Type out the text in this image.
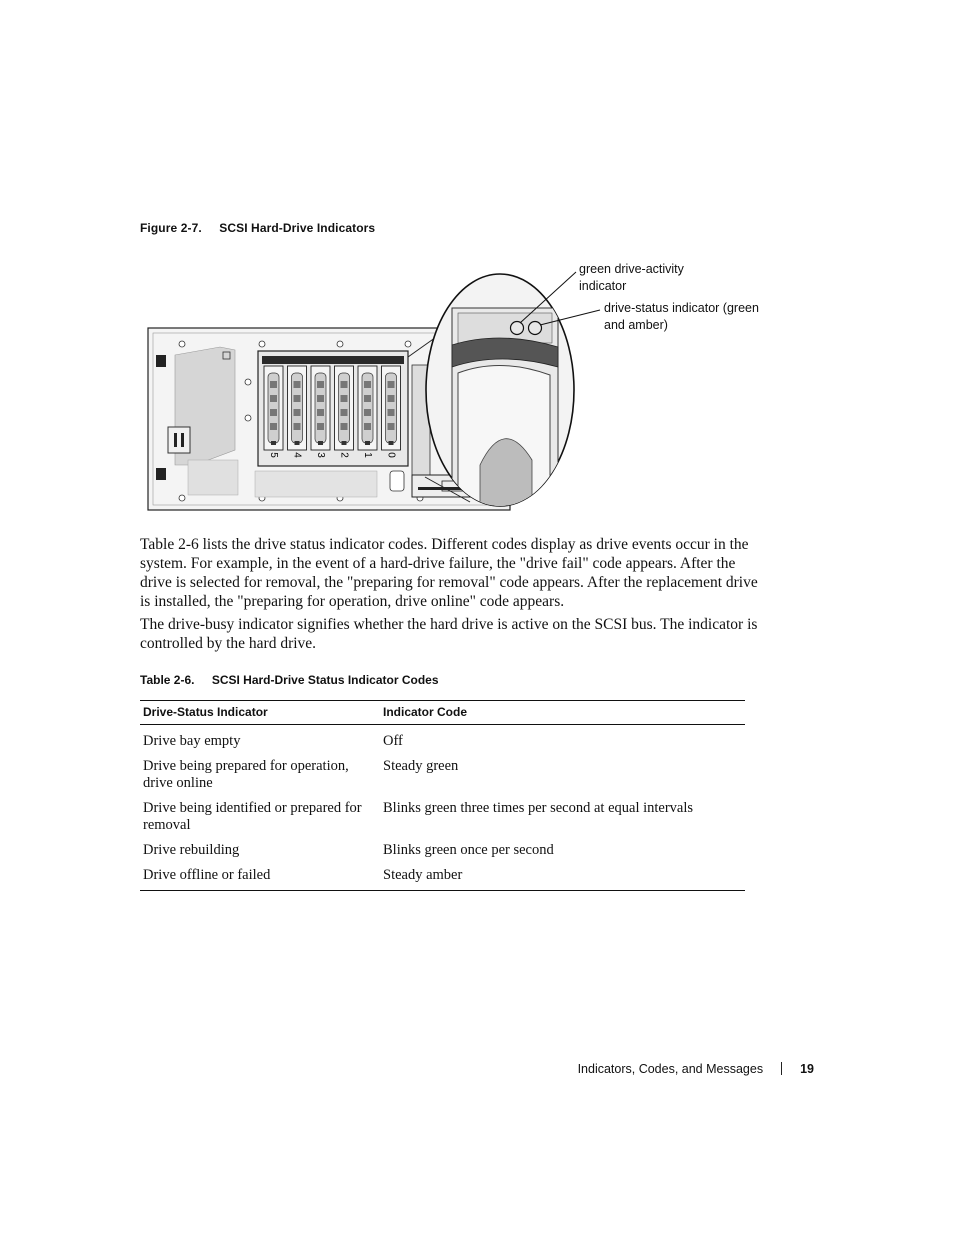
Figure 2-7. SCSI Hard-Drive Indicators
5 4 3 2 1 0
green drive-activity indicator
drive-status indicator (green and amber)

Table 2-6 lists the drive status indicator codes. Different codes display as drive events occur in the system. For example, in the event of a hard-drive failure, the "drive fail" code appears. After the drive is selected for removal, the "preparing for removal" code appears. After the replacement drive is installed, the "preparing for operation, drive online" code appears.

The drive-busy indicator signifies whether the hard drive is active on the SCSI bus. The indicator is controlled by the hard drive.

Table 2-6. SCSI Hard-Drive Status Indicator Codes
Drive-Status Indicator	Indicator Code
Drive bay empty	Off
Drive being prepared for operation, drive online	Steady green
Drive being identified or prepared for removal	Blinks green three times per second at equal intervals
Drive rebuilding	Blinks green once per second
Drive offline or failed	Steady amber
Indicators, Codes, and Messages	19
